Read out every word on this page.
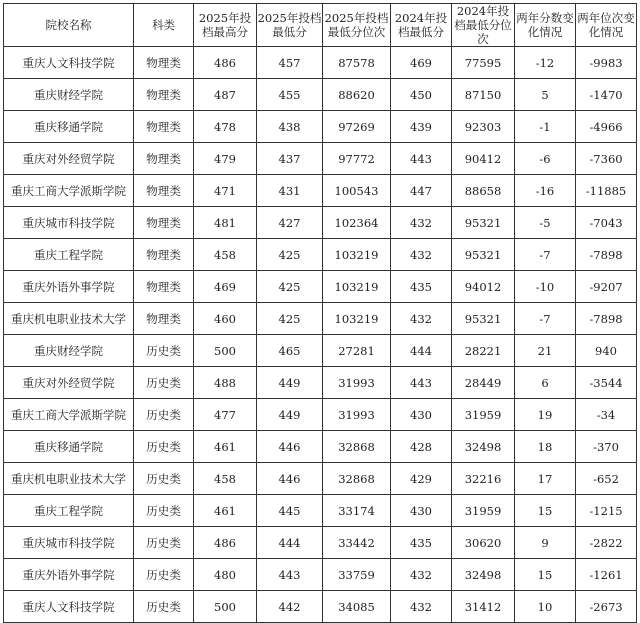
院校名称	科类	2025年投档最高分	2025年投档最低分	2025年投档最低分位次	2024年投档最低分	2024年投档最低分位次	两年分数变化情况	两年位次变化情况
重庆人文科技学院	物理类	486	457	87578	469	77595	-12	-9983
重庆财经学院	物理类	487	455	88620	450	87150	5	-1470
重庆移通学院	物理类	478	438	97269	439	92303	-1	-4966
重庆对外经贸学院	物理类	479	437	97772	443	90412	-6	-7360
重庆工商大学派斯学院	物理类	471	431	100543	447	88658	-16	-11885
重庆城市科技学院	物理类	481	427	102364	432	95321	-5	-7043
重庆工程学院	物理类	458	425	103219	432	95321	-7	-7898
重庆外语外事学院	物理类	469	425	103219	435	94012	-10	-9207
重庆机电职业技术大学	物理类	460	425	103219	432	95321	-7	-7898
重庆财经学院	历史类	500	465	27281	444	28221	21	940
重庆对外经贸学院	历史类	488	449	31993	443	28449	6	-3544
重庆工商大学派斯学院	历史类	477	449	31993	430	31959	19	-34
重庆移通学院	历史类	461	446	32868	428	32498	18	-370
重庆机电职业技术大学	历史类	458	446	32868	429	32216	17	-652
重庆工程学院	历史类	461	445	33174	430	31959	15	-1215
重庆城市科技学院	历史类	486	444	33442	435	30620	9	-2822
重庆外语外事学院	历史类	480	443	33759	432	32498	15	-1261
重庆人文科技学院	历史类	500	442	34085	432	31412	10	-2673
